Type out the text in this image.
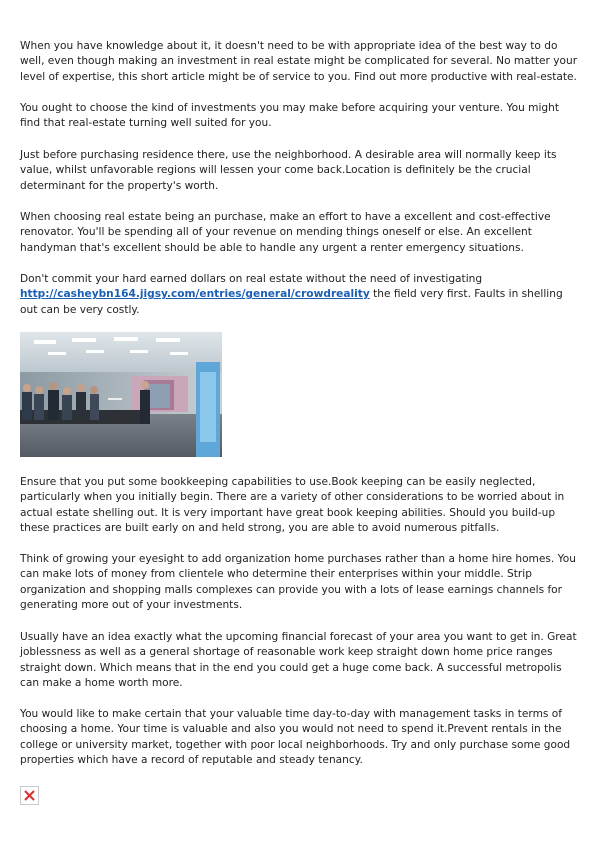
When you have knowledge about it, it doesn't need to be with appropriate idea of the best way to do well, even though making an investment in real estate might be complicated for several. No matter your level of expertise, this short article might be of service to you. Find out more productive with real-estate.

You ought to choose the kind of investments you may make before acquiring your venture. You might find that real-estate turning well suited for you.

Just before purchasing residence there, use the neighborhood. A desirable area will normally keep its value, whilst unfavorable regions will lessen your come back.Location is definitely be the crucial determinant for the property's worth.

When choosing real estate being an purchase, make an effort to have a excellent and cost-effective renovator. You'll be spending all of your revenue on mending things oneself or else. An excellent handyman that's excellent should be able to handle any urgent a renter emergency situations.

Don't commit your hard earned dollars on real estate without the need of investigating http://casheybn164.jigsy.com/entries/general/crowdreality the field very first. Faults in shelling out can be very costly.

Ensure that you put some bookkeeping capabilities to use.Book keeping can be easily neglected, particularly when you initially begin. There are a variety of other considerations to be worried about in actual estate shelling out. It is very important have great book keeping abilities. Should you build-up these practices are built early on and held strong, you are able to avoid numerous pitfalls.

Think of growing your eyesight to add organization home purchases rather than a home hire homes. You can make lots of money from clientele who determine their enterprises within your middle. Strip organization and shopping malls complexes can provide you with a lots of lease earnings channels for generating more out of your investments.

Usually have an idea exactly what the upcoming financial forecast of your area you want to get in. Great joblessness as well as a general shortage of reasonable work keep straight down home price ranges straight down. Which means that in the end you could get a huge come back. A successful metropolis can make a home worth more.

You would like to make certain that your valuable time day-to-day with management tasks in terms of choosing a home. Your time is valuable and also you would not need to spend it.Prevent rentals in the college or university market, together with poor local neighborhoods. Try and only purchase some good properties which have a record of reputable and steady tenancy.
